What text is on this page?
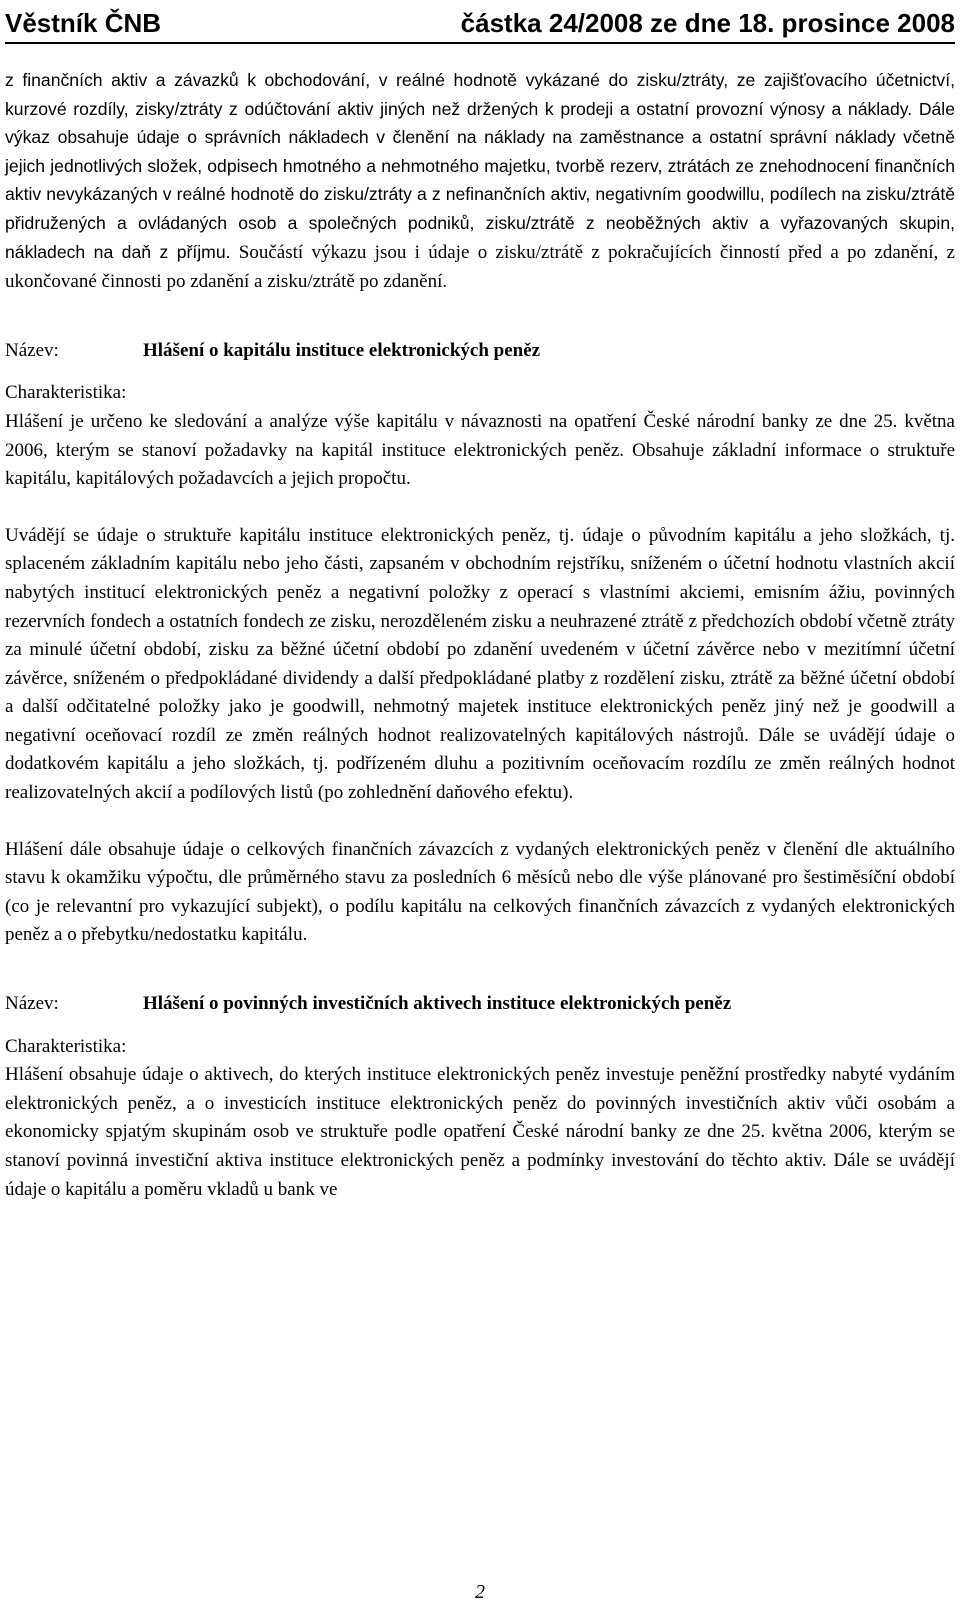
Věstník ČNB	částka 24/2008 ze dne 18. prosince 2008

z finančních aktiv a závazků k obchodování, v reálné hodnotě vykázané do zisku/ztráty, ze zajišťovacího účetnictví, kurzové rozdíly, zisky/ztráty z odúčtování aktiv jiných než držených k prodeji a ostatní provozní výnosy a náklady. Dále výkaz obsahuje údaje o správních nákladech v členění na náklady na zaměstnance a ostatní správní náklady včetně jejich jednotlivých složek, odpisech hmotného a nehmotného majetku, tvorbě rezerv, ztrátách ze znehodnocení finančních aktiv nevykázaných v reálné hodnotě do zisku/ztráty a z nefinančních aktiv, negativním goodwillu, podílech na zisku/ztrátě přidružených a ovládaných osob a společných podniků, zisku/ztrátě z neoběžných aktiv a vyřazovaných skupin, nákladech na daň z příjmu. Součástí výkazu jsou i údaje o zisku/ztrátě z pokračujících činností před a po zdanění, z ukončované činnosti po zdanění a zisku/ztrátě po zdanění.

Název:	Hlášení o kapitálu instituce elektronických peněz

Charakteristika:

Hlášení je určeno ke sledování a analýze výše kapitálu v návaznosti na opatření České národní banky ze dne 25. května 2006, kterým se stanoví požadavky na kapitál instituce elektronických peněz. Obsahuje základní informace o struktuře kapitálu, kapitálových požadavcích a jejich propočtu.

Uvádějí se údaje o struktuře kapitálu instituce elektronických peněz, tj. údaje o původním kapitálu a jeho složkách, tj. splaceném základním kapitálu nebo jeho části, zapsaném v obchodním rejstříku, sníženém o účetní hodnotu vlastních akcií nabytých institucí elektronických peněz a negativní položky z operací s vlastními akciemi, emisním ážiu, povinných rezervních fondech a ostatních fondech ze zisku, nerozděleném zisku a neuhrazené ztrátě z předchozích období včetně ztráty za minulé účetní období, zisku za běžné účetní období po zdanění uvedeném v účetní závěrce nebo v mezitímní účetní závěrce, sníženém o předpokládané dividendy a další předpokládané platby z rozdělení zisku, ztrátě za běžné účetní období a další odčitatelné položky jako je goodwill, nehmotný majetek instituce elektronických peněz jiný než je goodwill a negativní oceňovací rozdíl ze změn reálných hodnot realizovatelných kapitálových nástrojů. Dále se uvádějí údaje o dodatkovém kapitálu a jeho složkách, tj. podřízeném dluhu a pozitivním oceňovacím rozdílu ze změn reálných hodnot realizovatelných akcií a podílových listů (po zohlednění daňového efektu).

Hlášení dále obsahuje údaje o celkových finančních závazcích z vydaných elektronických peněz v členění dle aktuálního stavu k okamžiku výpočtu, dle průměrného stavu za posledních 6 měsíců nebo dle výše plánované pro šestiměsíční období (co je relevantní pro vykazující subjekt), o podílu kapitálu na celkových finančních závazcích z vydaných elektronických peněz a o přebytku/nedostatku kapitálu.

Název:	Hlášení o povinných investičních aktivech instituce elektronických peněz

Charakteristika:

Hlášení obsahuje údaje o aktivech, do kterých instituce elektronických peněz investuje peněžní prostředky nabyté vydáním elektronických peněz, a o investicích instituce elektronických peněz do povinných investičních aktiv vůči osobám a ekonomicky spjatým skupinám osob ve struktuře podle opatření České národní banky ze dne 25. května 2006, kterým se stanoví povinná investiční aktiva instituce elektronických peněz a podmínky investování do těchto aktiv. Dále se uvádějí údaje o kapitálu a poměru vkladů u bank ve

2
